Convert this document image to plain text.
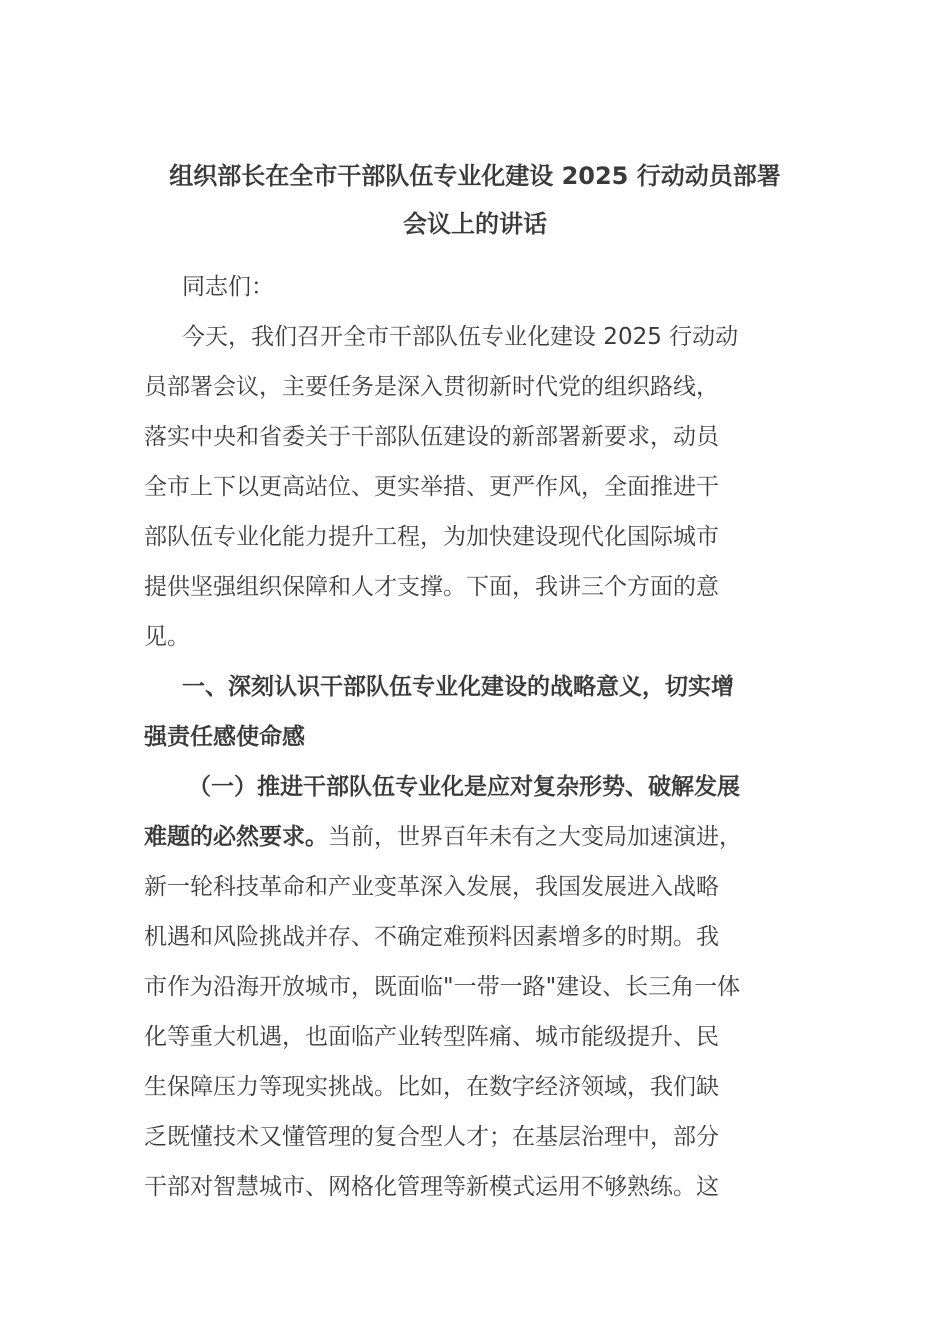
组织部长在全市干部队伍专业化建设 2025 行动动员部署
会议上的讲话
同志们：
今天，我们召开全市干部队伍专业化建设 2025 行动动
员部署会议，主要任务是深入贯彻新时代党的组织路线，
落实中央和省委关于干部队伍建设的新部署新要求，动员
全市上下以更高站位、更实举措、更严作风，全面推进干
部队伍专业化能力提升工程，为加快建设现代化国际城市
提供坚强组织保障和人才支撑。下面，我讲三个方面的意
见。
一、深刻认识干部队伍专业化建设的战略意义，切实增
强责任感使命感
（一）推进干部队伍专业化是应对复杂形势、破解发展
难题的必然要求。当前，世界百年未有之大变局加速演进，
新一轮科技革命和产业变革深入发展，我国发展进入战略
机遇和风险挑战并存、不确定难预料因素增多的时期。我
市作为沿海开放城市，既面临"一带一路"建设、长三角一体
化等重大机遇，也面临产业转型阵痛、城市能级提升、民
生保障压力等现实挑战。比如，在数字经济领域，我们缺
乏既懂技术又懂管理的复合型人才；在基层治理中，部分
干部对智慧城市、网格化管理等新模式运用不够熟练。这
